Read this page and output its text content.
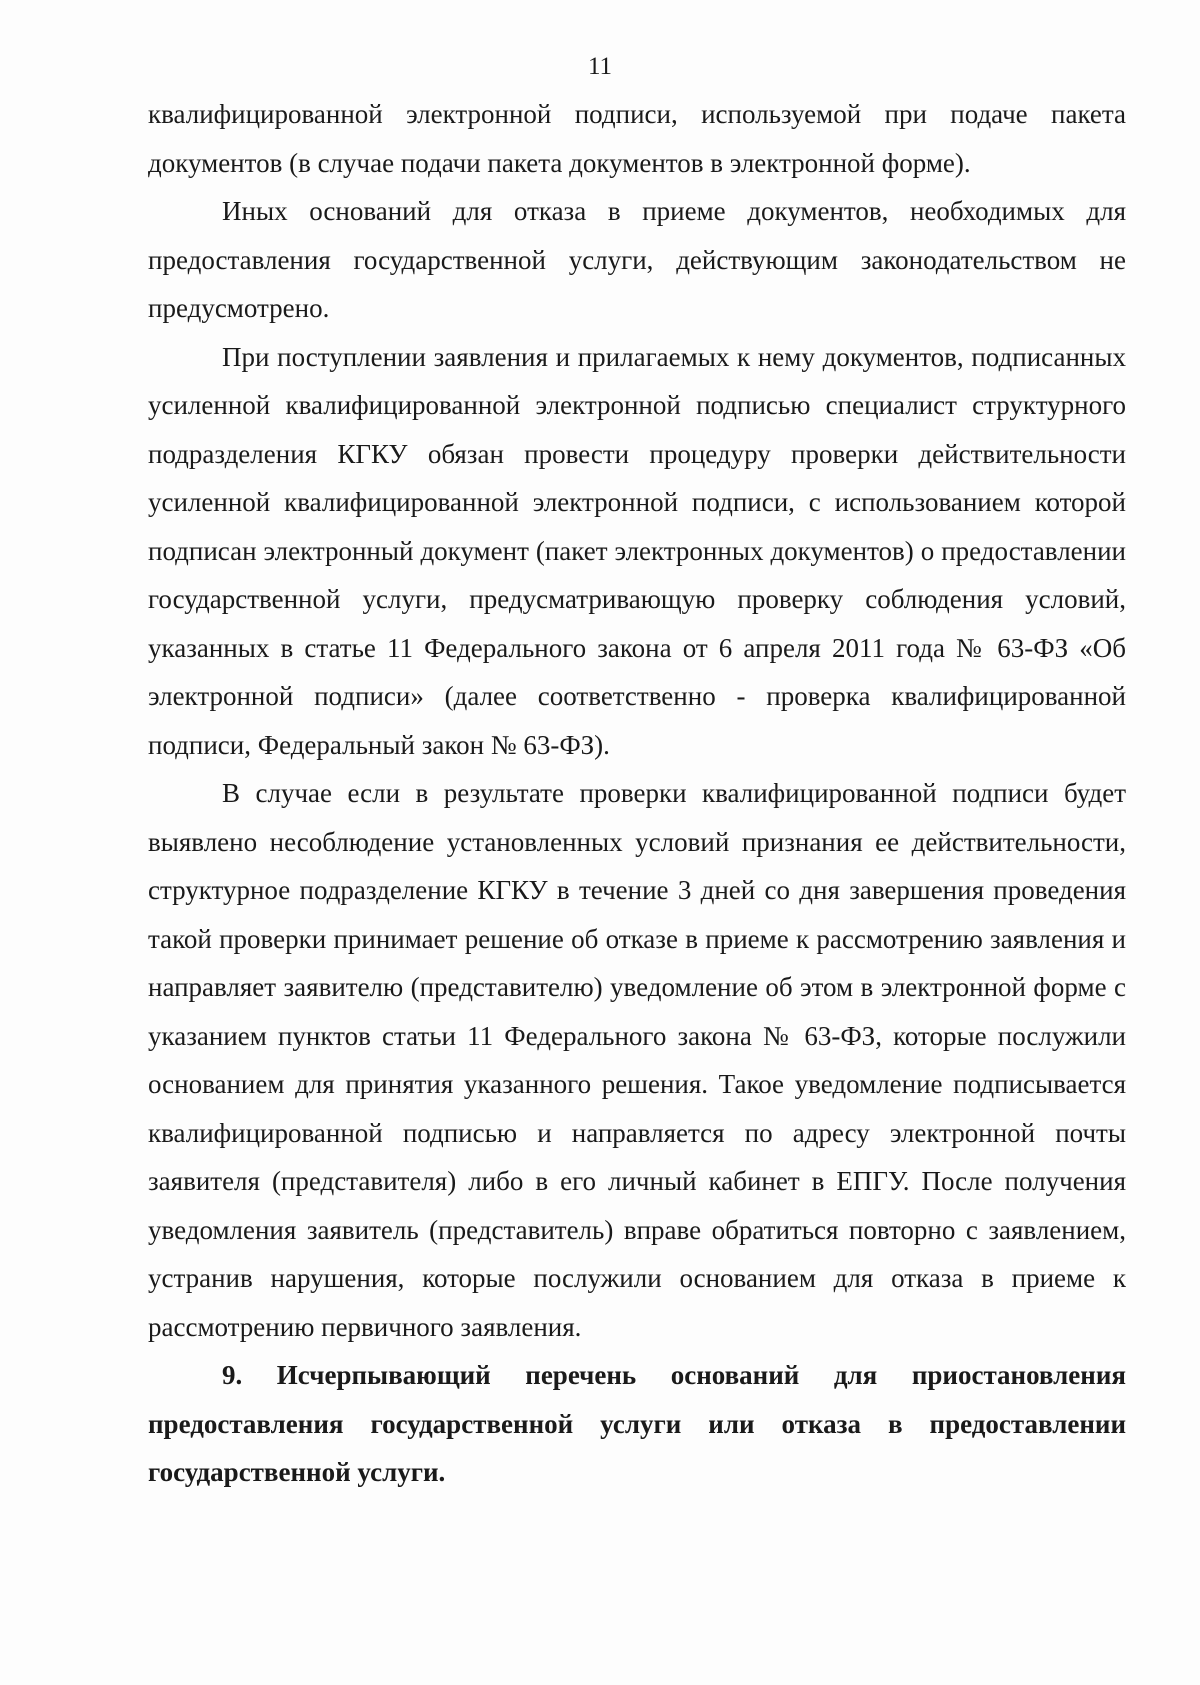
11

квалифицированной электронной подписи, используемой при подаче пакета документов (в случае подачи пакета документов в электронной форме).

Иных оснований для отказа в приеме документов, необходимых для предоставления государственной услуги, действующим законодательством не предусмотрено.

При поступлении заявления и прилагаемых к нему документов, подписанных усиленной квалифицированной электронной подписью специалист структурного подразделения КГКУ обязан провести процедуру проверки действительности усиленной квалифицированной электронной подписи, с использованием которой подписан электронный документ (пакет электронных документов) о предоставлении государственной услуги, предусматривающую проверку соблюдения условий, указанных в статье 11 Федерального закона от 6 апреля 2011 года № 63-ФЗ «Об электронной подписи» (далее соответственно - проверка квалифицированной подписи, Федеральный закон № 63-ФЗ).

В случае если в результате проверки квалифицированной подписи будет выявлено несоблюдение установленных условий признания ее действительности, структурное подразделение КГКУ в течение 3 дней со дня завершения проведения такой проверки принимает решение об отказе в приеме к рассмотрению заявления и направляет заявителю (представителю) уведомление об этом в электронной форме с указанием пунктов статьи 11 Федерального закона № 63-ФЗ, которые послужили основанием для принятия указанного решения. Такое уведомление подписывается квалифицированной подписью и направляется по адресу электронной почты заявителя (представителя) либо в его личный кабинет в ЕПГУ. После получения уведомления заявитель (представитель) вправе обратиться повторно с заявлением, устранив нарушения, которые послужили основанием для отказа в приеме к рассмотрению первичного заявления.

9. Исчерпывающий перечень оснований для приостановления предоставления государственной услуги или отказа в предоставлении государственной услуги.
